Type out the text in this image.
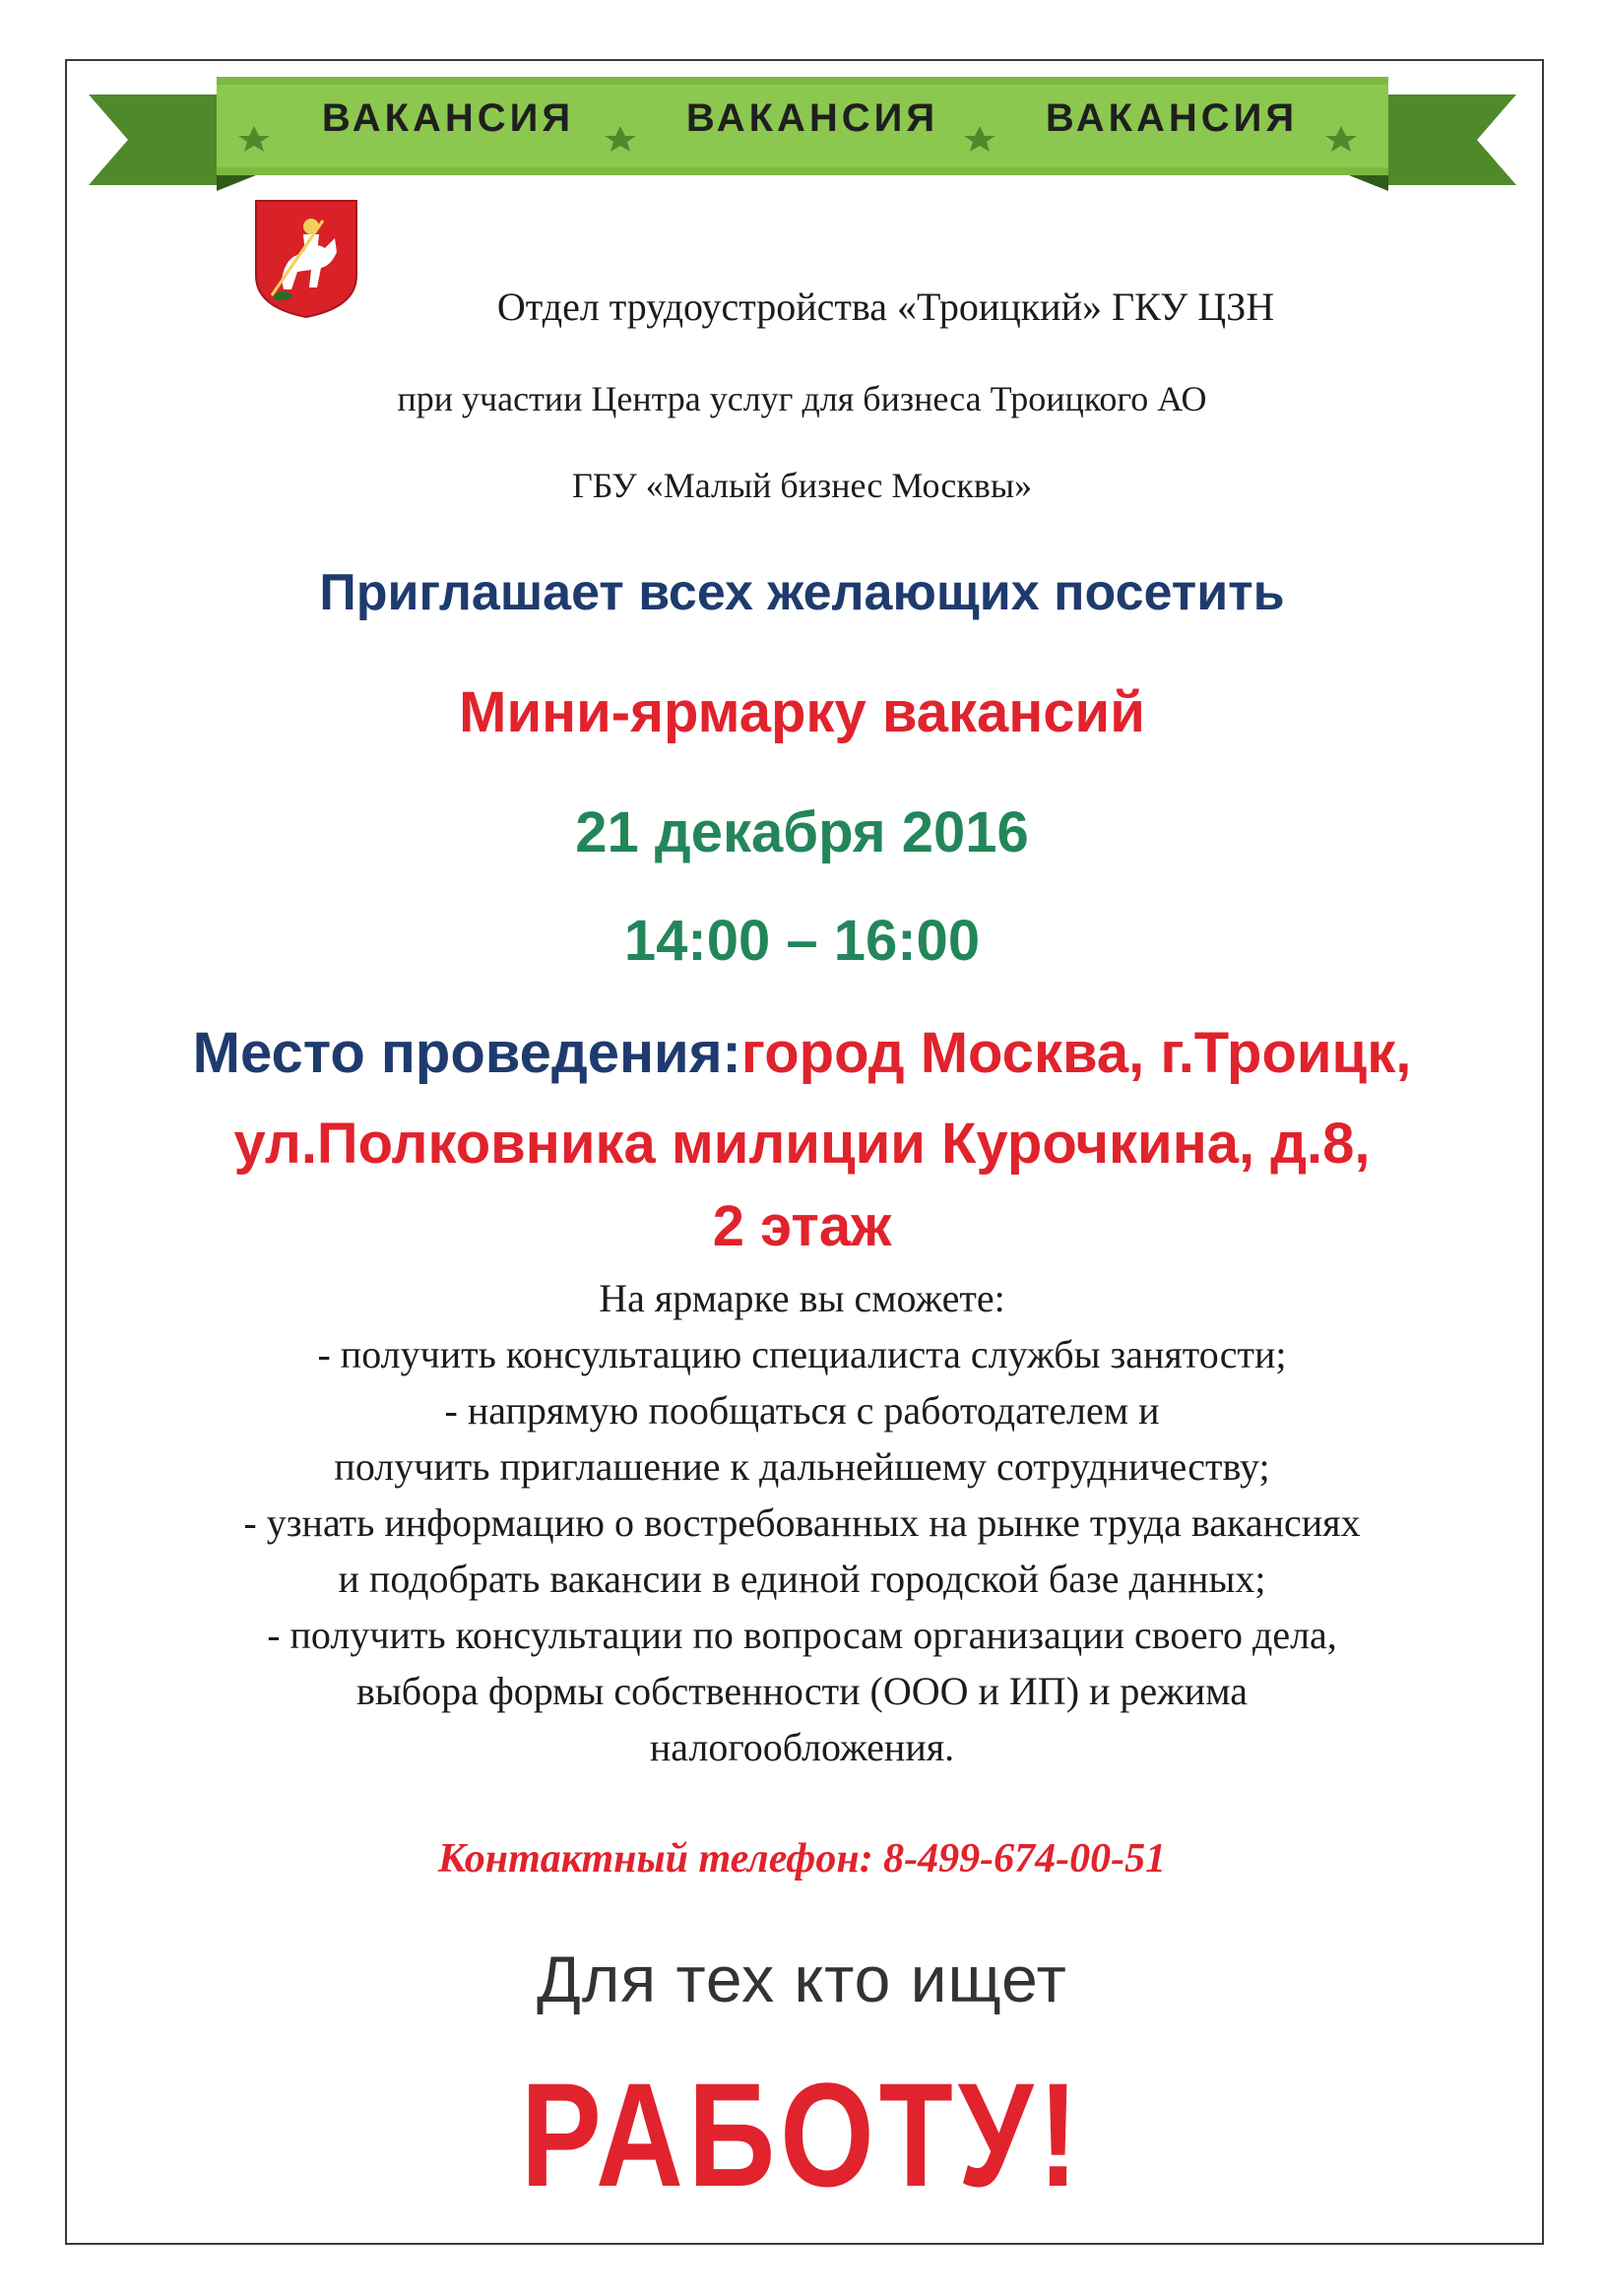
ВАКАНСИЯ	ВАКАНСИЯ	ВАКАНСИЯ
Отдел трудоустройства «Троицкий» ГКУ ЦЗН
при участии Центра услуг для бизнеса Троицкого АО
ГБУ «Малый бизнес Москвы»
Приглашает всех желающих посетить
Мини-ярмарку вакансий
21 декабря 2016
14:00 – 16:00
Место проведения:город Москва, г.Троицк,
ул.Полковника милиции Курочкина, д.8,
2 этаж
На ярмарке вы сможете:
- получить консультацию специалиста службы занятости;
- напрямую пообщаться с работодателем и
получить приглашение к дальнейшему сотрудничеству;
- узнать информацию о востребованных на рынке труда вакансиях
и подобрать вакансии в единой городской базе данных;
- получить консультации по вопросам организации своего дела,
выбора формы собственности (ООО и ИП) и режима
налогообложения.
Контактный телефон: 8-499-674-00-51
Для тех кто ищет
РАБОТУ!
